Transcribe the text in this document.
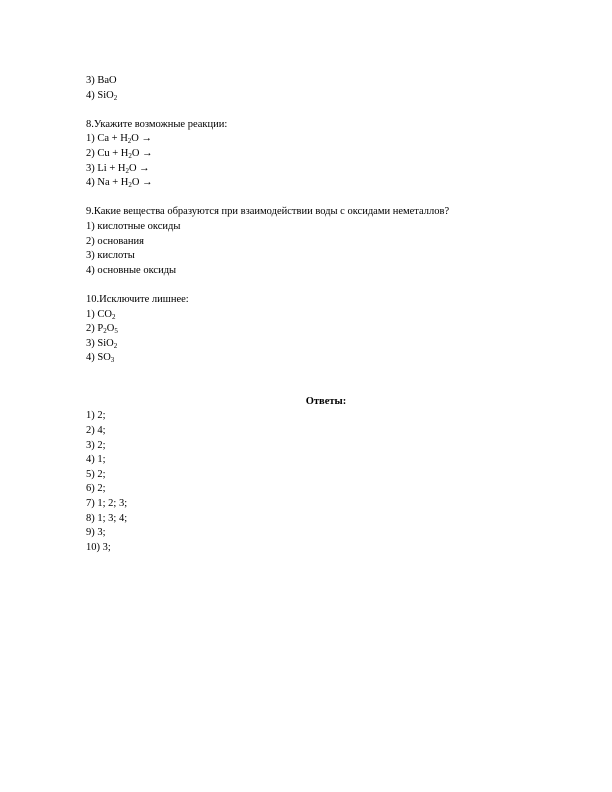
3) BaO
4) SiO$_2$
8.Укажите возможные реакции:
1) $Ca + H_2O$ →
2) $Cu + H_2O$ →
3) $Li + H_2O$ →
4) $Na + H_2O$ →
9.Какие вещества образуются при взаимодействии воды с оксидами неметаллов?
1) кислотные оксиды
2) основания
3) кислоты
4) основные оксиды
10.Исключите лишнее:
1) $CO_2$
2) $P_2O_5$
3) SiO$_2$
4) $SO_3$
Ответы:
1) 2;
2) 4;
3) 2;
4) 1;
5) 2;
6) 2;
7) 1; 2; 3;
8) 1; 3; 4;
9) 3;
10) 3;
